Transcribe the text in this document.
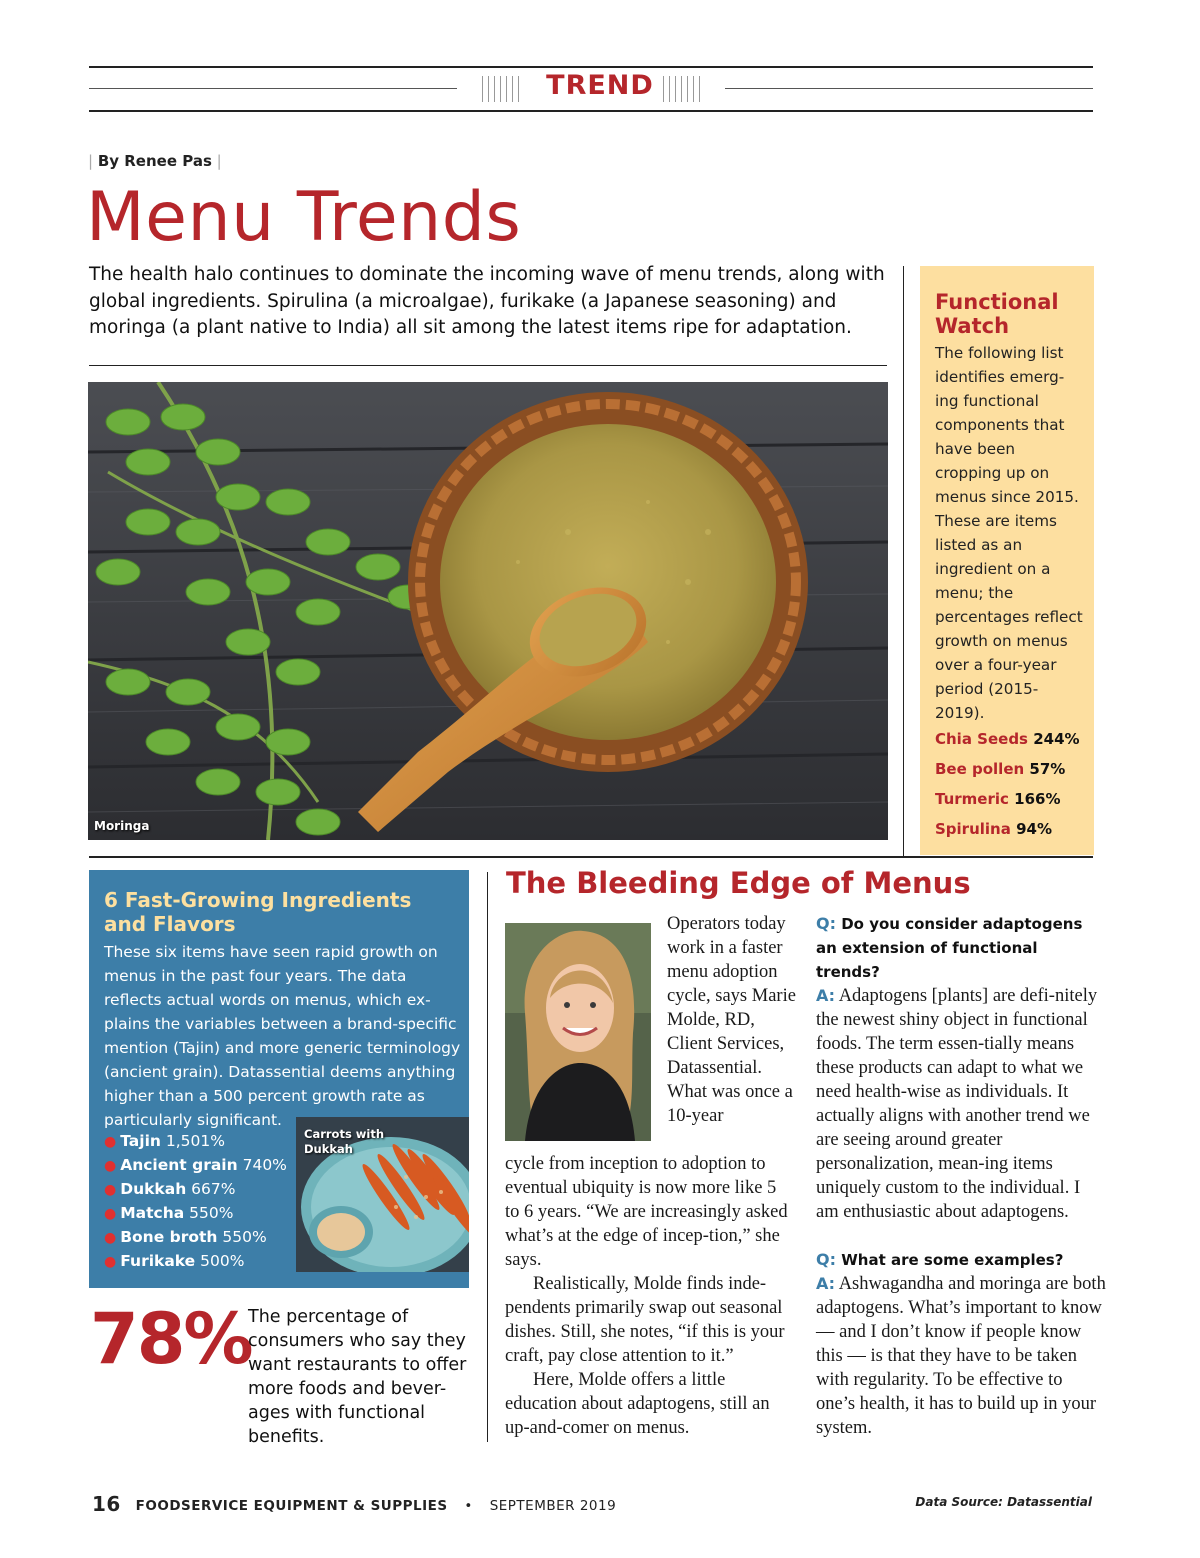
TREND
| By Renee Pas |
Menu Trends
The health halo continues to dominate the incoming wave of menu trends, along with global ingredients. Spirulina (a microalgae), furikake (a Japanese seasoning) and moringa (a plant native to India) all sit among the latest items ripe for adaptation.
Moringa
Functional Watch
The following list identifies emerg-ing functional components that have been cropping up on menus since 2015. These are items listed as an ingredient on a menu; the percentages reflect growth on menus over a four-year period (2015-2019).
Chia Seeds 244%
Bee pollen 57%
Turmeric 166%
Spirulina 94%
6 Fast-Growing Ingredients and Flavors
These six items have seen rapid growth on menus in the past four years. The data reflects actual words on menus, which ex-plains the variables between a brand-specific mention (Tajin) and more generic terminology (ancient grain). Datassential deems anything higher than a 500 percent growth rate as particularly significant.
● Tajin 1,501%
● Ancient grain 740%
● Dukkah 667%
● Matcha 550%
● Bone broth 550%
● Furikake 500%
Carrots with Dukkah
78%
The percentage of consumers who say they want restaurants to offer more foods and bever-ages with functional benefits.
The Bleeding Edge of Menus
Operators today work in a faster menu adoption cycle, says Marie Molde, RD, Client Services, Datassential. What was once a 10-year

cycle from inception to adoption to eventual ubiquity is now more like 5 to 6 years. “We are increasingly asked what’s at the edge of incep-tion,” she says.

Realistically, Molde finds inde-pendents primarily swap out seasonal dishes. Still, she notes, “if this is your craft, pay close attention to it.”

Here, Molde offers a little education about adaptogens, still an up-and-comer on menus.

Q: Do you consider adaptogens an extension of functional trends?
A: Adaptogens [plants] are defi-nitely the newest shiny object in functional foods. The term essen-tially means these products can adapt to what we need health-wise as individuals. It actually aligns with another trend we are seeing around greater personalization, mean-ing items uniquely custom to the individual. I am enthusiastic about adaptogens.
Q: What are some examples?
A: Ashwagandha and moringa are both adaptogens. What’s important to know — and I don’t know if people know this — is that they have to be taken with regularity. To be effective to one’s health, it has to build up in your system.
16 FOODSERVICE EQUIPMENT & SUPPLIES • SEPTEMBER 2019	Data Source: Datassential
